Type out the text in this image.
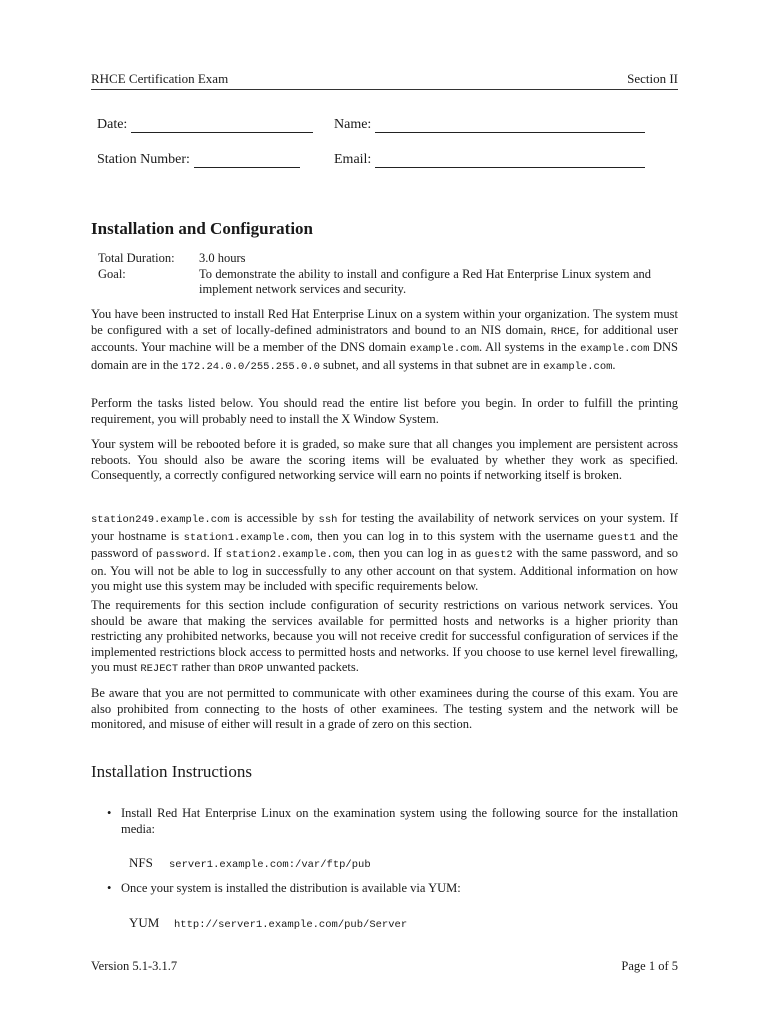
RHCE Certification Exam	Section II
Date:	Name:
Station Number:	Email:
Installation and Configuration
Total Duration:	3.0 hours
Goal:	To demonstrate the ability to install and configure a Red Hat Enterprise Linux system and implement network services and security.

You have been instructed to install Red Hat Enterprise Linux on a system within your organization. The system must be configured with a set of locally-defined administrators and bound to an NIS domain, RHCE, for additional user accounts. Your machine will be a member of the DNS domain example.com. All systems in the example.com DNS domain are in the 172.24.0.0/255.255.0.0 subnet, and all systems in that subnet are in example.com.

Perform the tasks listed below. You should read the entire list before you begin. In order to fulfill the printing requirement, you will probably need to install the X Window System.

Your system will be rebooted before it is graded, so make sure that all changes you implement are persistent across reboots. You should also be aware the scoring items will be evaluated by whether they work as specified. Consequently, a correctly configured networking service will earn no points if networking itself is broken.

station249.example.com is accessible by ssh for testing the availability of network services on your system. If your hostname is station1.example.com, then you can log in to this system with the username guest1 and the password of password. If station2.example.com, then you can log in as guest2 with the same password, and so on. You will not be able to log in successfully to any other account on that system. Additional information on how you might use this system may be included with specific requirements below.

The requirements for this section include configuration of security restrictions on various network services. You should be aware that making the services available for permitted hosts and networks is a higher priority than restricting any prohibited networks, because you will not receive credit for successful configuration of services if the implemented restrictions block access to permitted hosts and networks. If you choose to use kernel level firewalling, you must REJECT rather than DROP unwanted packets.

Be aware that you are not permitted to communicate with other examinees during the course of this exam. You are also prohibited from connecting to the hosts of other examinees. The testing system and the network will be monitored, and misuse of either will result in a grade of zero on this section.

Installation Instructions
• Install Red Hat Enterprise Linux on the examination system using the following source for the installation media:
NFS	server1.example.com:/var/ftp/pub
• Once your system is installed the distribution is available via YUM:
YUM	http://server1.example.com/pub/Server
Version 5.1-3.1.7	Page 1 of 5
